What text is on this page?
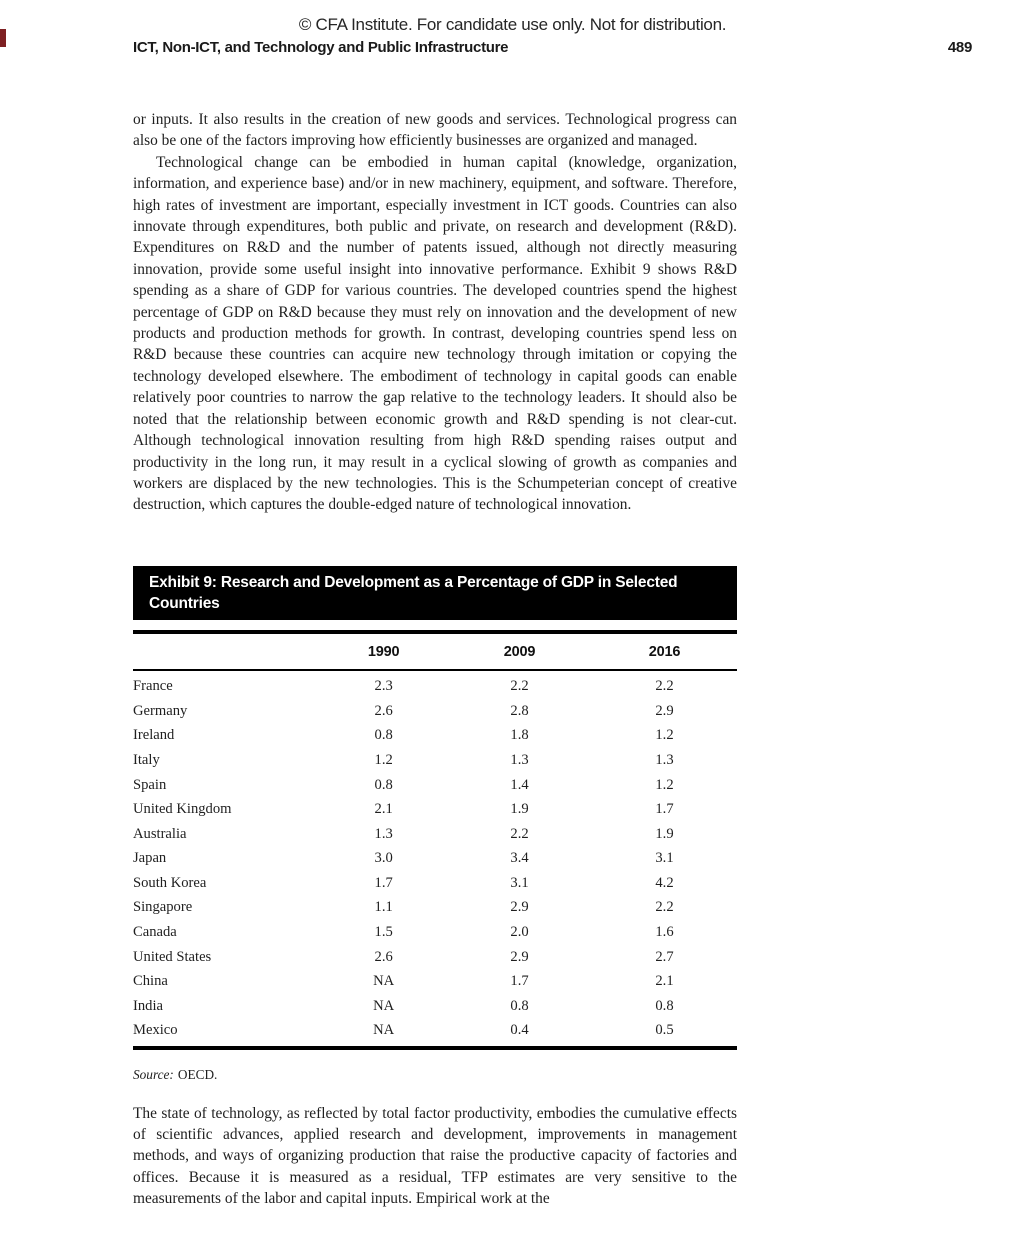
© CFA Institute. For candidate use only. Not for distribution.
ICT, Non-ICT, and Technology and Public Infrastructure	489

or inputs. It also results in the creation of new goods and services. Technological progress can also be one of the factors improving how efficiently businesses are organized and managed.

Technological change can be embodied in human capital (knowledge, organization, information, and experience base) and/or in new machinery, equipment, and software. Therefore, high rates of investment are important, especially investment in ICT goods. Countries can also innovate through expenditures, both public and private, on research and development (R&D). Expenditures on R&D and the number of patents issued, although not directly measuring innovation, provide some useful insight into innovative performance. Exhibit 9 shows R&D spending as a share of GDP for various countries. The developed countries spend the highest percentage of GDP on R&D because they must rely on innovation and the development of new products and production methods for growth. In contrast, developing countries spend less on R&D because these countries can acquire new technology through imitation or copying the technology developed elsewhere. The embodiment of technology in capital goods can enable relatively poor countries to narrow the gap relative to the technology leaders. It should also be noted that the relationship between economic growth and R&D spending is not clear-cut. Although technological innovation resulting from high R&D spending raises output and productivity in the long run, it may result in a cyclical slowing of growth as companies and workers are displaced by the new technologies. This is the Schumpeterian concept of creative destruction, which captures the double-edged nature of technological innovation.

Exhibit 9: Research and Development as a Percentage of GDP in Selected
Countries
	1990	2009	2016
France	2.3	2.2	2.2
Germany	2.6	2.8	2.9
Ireland	0.8	1.8	1.2
Italy	1.2	1.3	1.3
Spain	0.8	1.4	1.2
United Kingdom	2.1	1.9	1.7
Australia	1.3	2.2	1.9
Japan	3.0	3.4	3.1
South Korea	1.7	3.1	4.2
Singapore	1.1	2.9	2.2
Canada	1.5	2.0	1.6
United States	2.6	2.9	2.7
China	NA	1.7	2.1
India	NA	0.8	0.8
Mexico	NA	0.4	0.5
Source: OECD.

The state of technology, as reflected by total factor productivity, embodies the cumulative effects of scientific advances, applied research and development, improvements in management methods, and ways of organizing production that raise the productive capacity of factories and offices. Because it is measured as a residual, TFP estimates are very sensitive to the measurements of the labor and capital inputs. Empirical work at the
